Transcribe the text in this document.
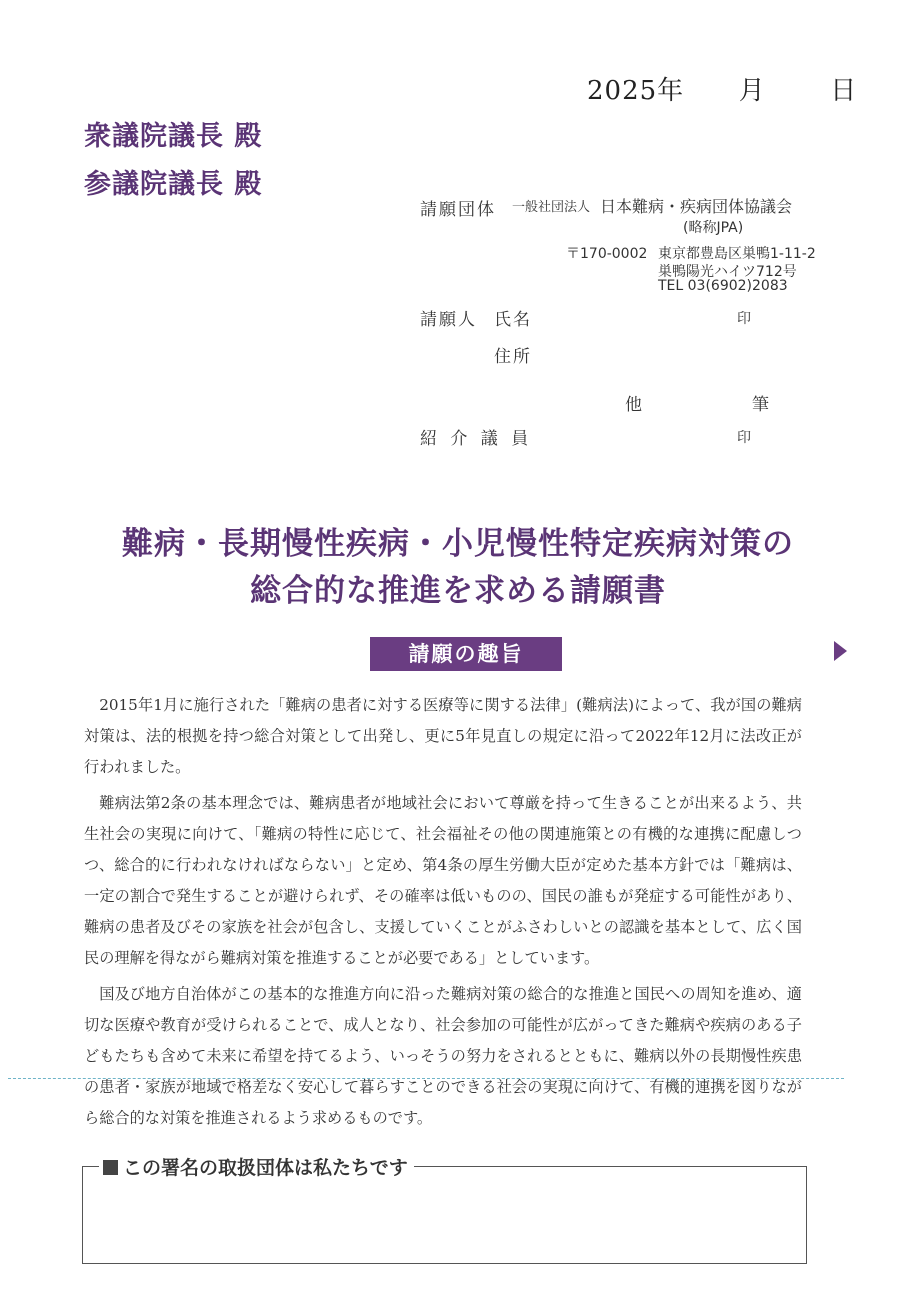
2025年 月 日
衆議院議長 殿
参議院議長 殿
請願団体 一般社団法人 日本難病・疾病団体協議会
(略称JPA)
〒170-0002 東京都豊島区巣鴨1-11-2
巣鴨陽光ハイツ712号
TEL 03(6902)2083
請願人 氏名	印
住所
他	筆
紹 介 議 員	印
難病・長期慢性疾病・小児慢性特定疾病対策の
総合的な推進を求める請願書
請願の趣旨

2015年1月に施行された「難病の患者に対する医療等に関する法律」(難病法)によって、我が国の難病対策は、法的根拠を持つ総合対策として出発し、更に5年見直しの規定に沿って2022年12月に法改正が行われました。

難病法第2条の基本理念では、難病患者が地域社会において尊厳を持って生きることが出来るよう、共生社会の実現に向けて、「難病の特性に応じて、社会福祉その他の関連施策との有機的な連携に配慮しつつ、総合的に行われなければならない」と定め、第4条の厚生労働大臣が定めた基本方針では「難病は、一定の割合で発生することが避けられず、その確率は低いものの、国民の誰もが発症する可能性があり、難病の患者及びその家族を社会が包含し、支援していくことがふさわしいとの認識を基本として、広く国民の理解を得ながら難病対策を推進することが必要である」としています。

国及び地方自治体がこの基本的な推進方向に沿った難病対策の総合的な推進と国民への周知を進め、適切な医療や教育が受けられることで、成人となり、社会参加の可能性が広がってきた難病や疾病のある子どもたちも含めて未来に希望を持てるよう、いっそうの努力をされるとともに、難病以外の長期慢性疾患の患者・家族が地域で格差なく安心して暮らすことのできる社会の実現に向けて、有機的連携を図りながら総合的な対策を推進されるよう求めるものです。

この署名の取扱団体は私たちです
